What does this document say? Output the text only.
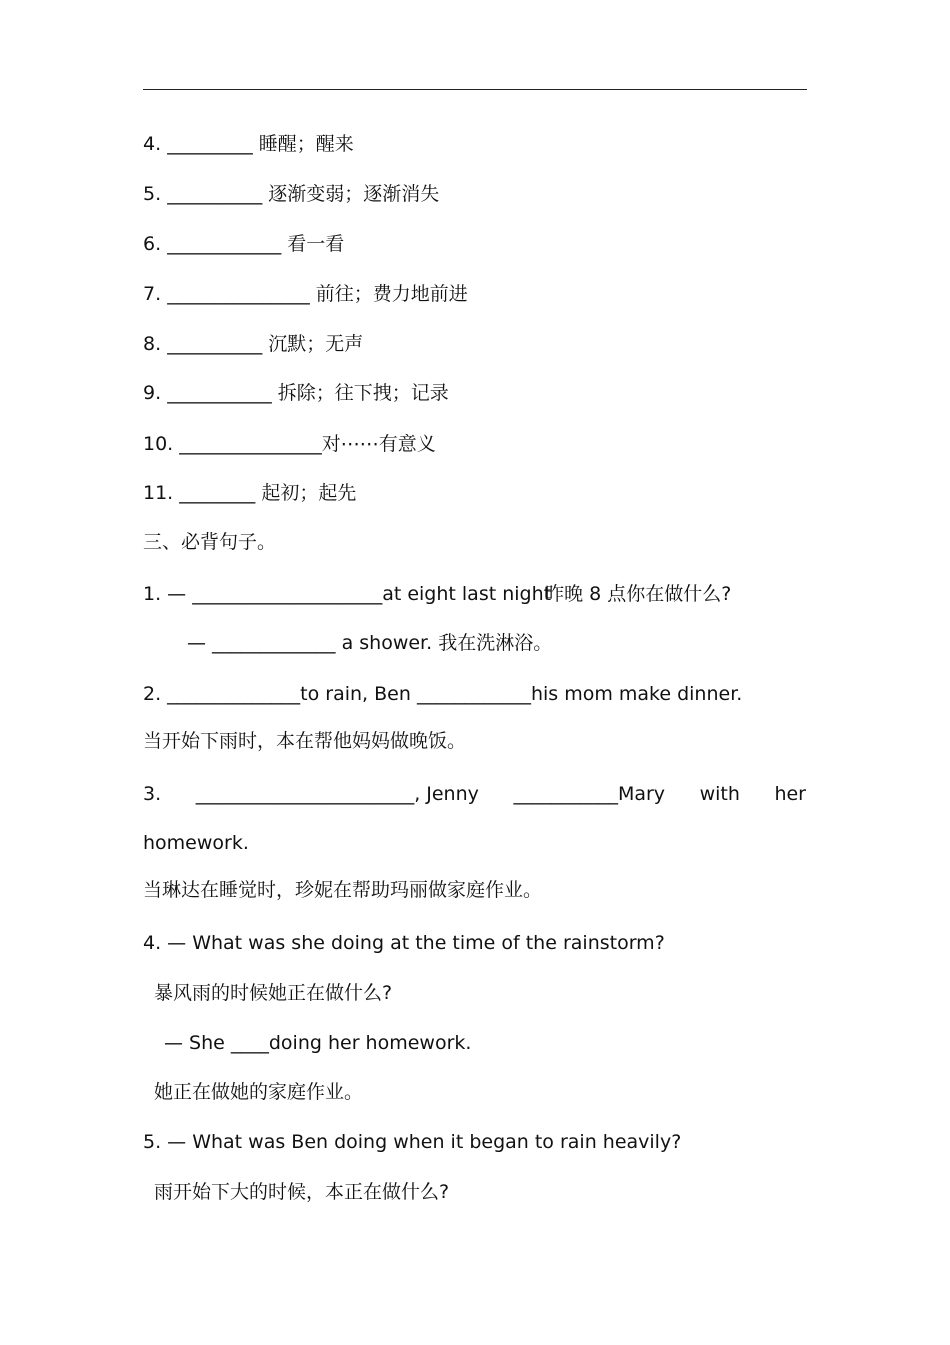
4. _________ 睡醒；醒来
5. __________ 逐渐变弱；逐渐消失
6. ____________ 看一看
7. _______________ 前往；费力地前进
8. __________ 沉默；无声
9. ___________ 拆除；往下拽；记录
10. _______________对⋯⋯有意义
11. ________ 起初；起先
三、必背句子。
1. — ____________________at eight last night昨晚 8 点你在做什么?
— _____________ a shower. 我在洗淋浴。
2. ______________to rain, Ben ____________his mom make dinner.
当开始下雨时，本在帮他妈妈做晚饭。
3. _______________________, Jenny ___________Mary with her
homework.
当琳达在睡觉时，珍妮在帮助玛丽做家庭作业。
4. — What was she doing at the time of the rainstorm?
暴风雨的时候她正在做什么?
— She ____doing her homework.
她正在做她的家庭作业。
5. — What was Ben doing when it began to rain heavily?
雨开始下大的时候，本正在做什么?
